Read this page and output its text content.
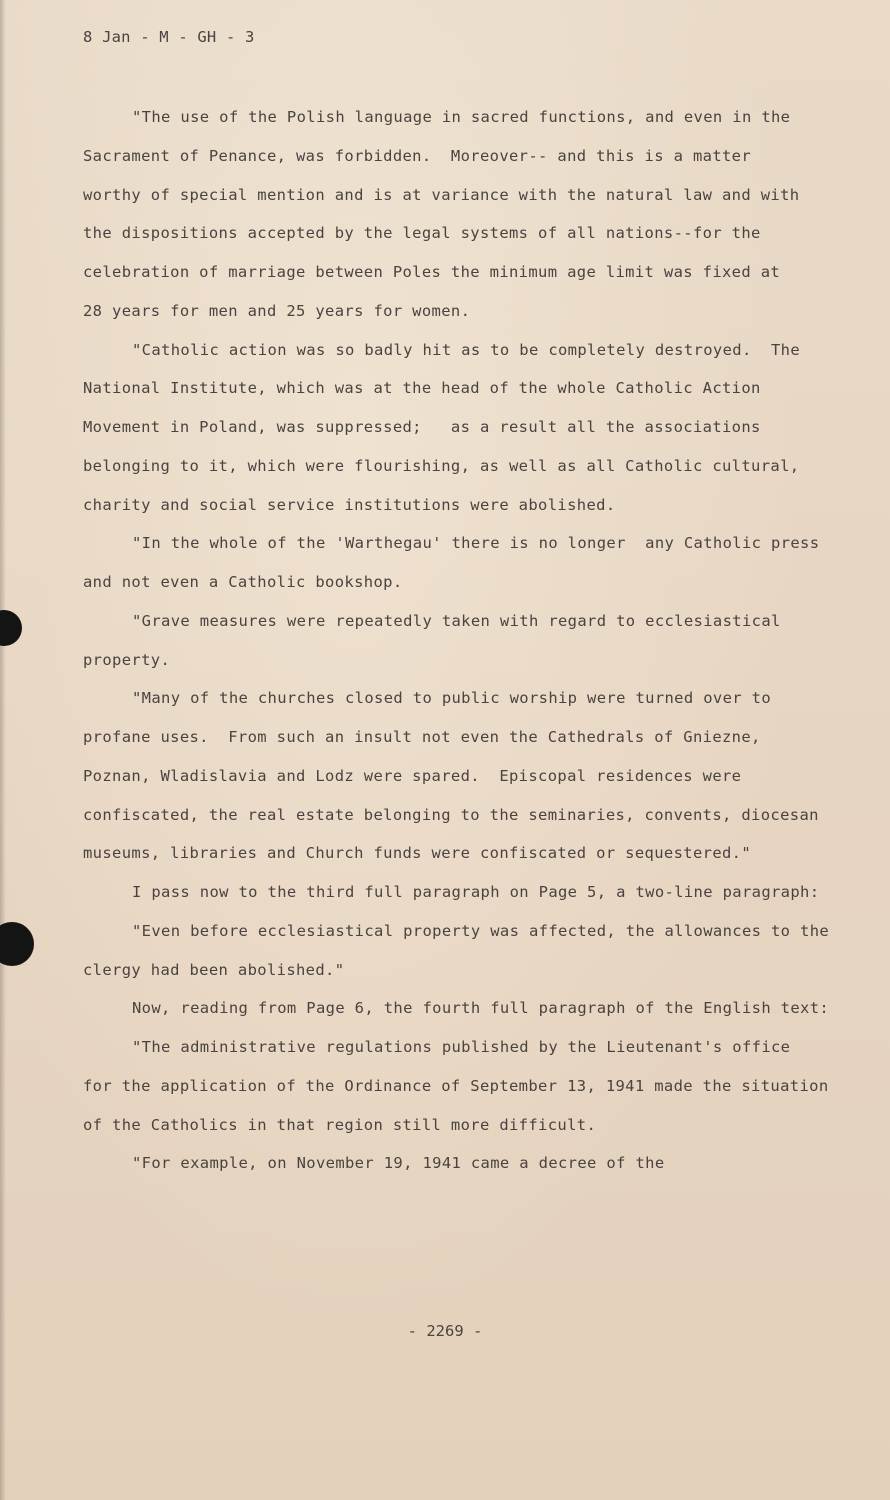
8 Jan - M - GH - 3
"The use of the Polish language in sacred functions, and even in the
Sacrament of Penance, was forbidden.  Moreover-- and this is a matter
worthy of special mention and is at variance with the natural law and with
the dispositions accepted by the legal systems of all nations--for the
celebration of marriage between Poles the minimum age limit was fixed at
28 years for men and 25 years for women.
"Catholic action was so badly hit as to be completely destroyed.  The
National Institute, which was at the head of the whole Catholic Action
Movement in Poland, was suppressed;   as a result all the associations
belonging to it, which were flourishing, as well as all Catholic cultural,
charity and social service institutions were abolished.
"In the whole of the 'Warthegau' there is no longer  any Catholic press
and not even a Catholic bookshop.
"Grave measures were repeatedly taken with regard to ecclesiastical
property.
"Many of the churches closed to public worship were turned over to
profane uses.  From such an insult not even the Cathedrals of Gniezne,
Poznan, Wladislavia and Lodz were spared.  Episcopal residences were
confiscated, the real estate belonging to the seminaries, convents, diocesan
museums, libraries and Church funds were confiscated or sequestered."
I pass now to the third full paragraph on Page 5, a two-line paragraph:
"Even before ecclesiastical property was affected, the allowances to the
clergy had been abolished."
Now, reading from Page 6, the fourth full paragraph of the English text:
"The administrative regulations published by the Lieutenant's office
for the application of the Ordinance of September 13, 1941 made the situation
of the Catholics in that region still more difficult.
"For example, on November 19, 1941 came a decree of the
- 2269 -
